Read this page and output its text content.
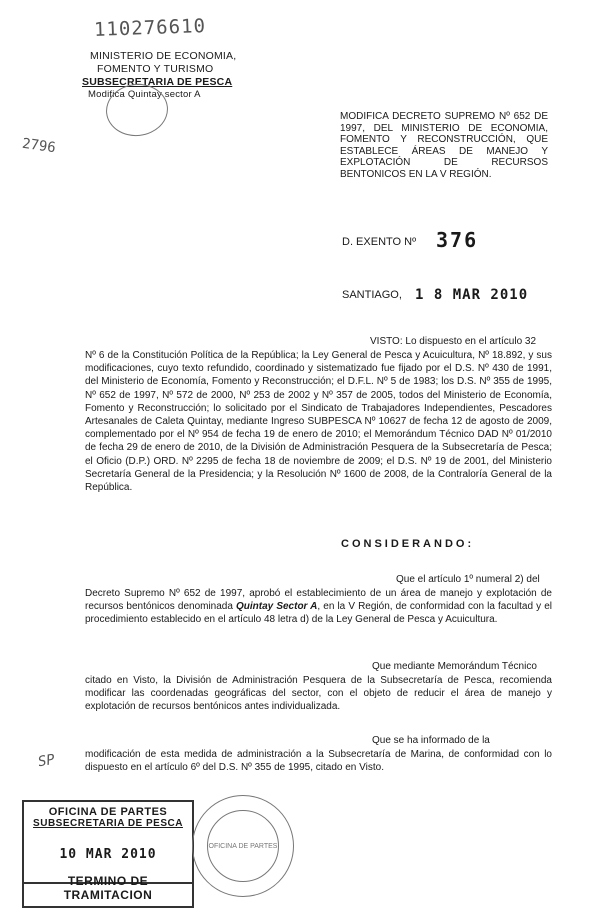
110276610
2796
SP
MINISTERIO DE ECONOMIA,
FOMENTO Y TURISMO
SUBSECRETARIA DE PESCA
Modifica Quintay sector A

MODIFICA DECRETO SUPREMO Nº 652 DE 1997, DEL MINISTERIO DE ECONOMIA, FOMENTO Y RECONSTRUCCIÓN, QUE ESTABLECE ÁREAS DE MANEJO Y EXPLOTACIÓN DE RECURSOS BENTONICOS EN LA V REGIÓN.
D. EXENTO Nº 376
SANTIAGO, 1 8 MAR 2010
VISTO: Lo dispuesto en el artículo 32
Nº 6 de la Constitución Política de la República; la Ley General de Pesca y Acuicultura, Nº 18.892, y sus modificaciones, cuyo texto refundido, coordinado y sistematizado fue fijado por el D.S. Nº 430 de 1991, del Ministerio de Economía, Fomento y Reconstrucción; el D.F.L. Nº 5 de 1983; los D.S. Nº 355 de 1995, Nº 652 de 1997, Nº 572 de 2000, Nº 253 de 2002 y Nº 357 de 2005, todos del Ministerio de Economía, Fomento y Reconstrucción; lo solicitado por el Sindicato de Trabajadores Independientes, Pescadores Artesanales de Caleta Quintay, mediante Ingreso SUBPESCA Nº 10627 de fecha 12 de agosto de 2009, complementado por el Nº 954 de fecha 19 de enero de 2010; el Memorándum Técnico DAD Nº 01/2010 de fecha 29 de enero de 2010, de la División de Administración Pesquera de la Subsecretaría de Pesca; el Oficio (D.P.) ORD. Nº 2295 de fecha 18 de noviembre de 2009; el D.S. Nº 19 de 2001, del Ministerio Secretaría General de la Presidencia; y la Resolución Nº 1600 de 2008, de la Contraloría General de la República.
CONSIDERANDO:
Que el artículo 1º numeral 2) del
Decreto Supremo Nº 652 de 1997, aprobó el establecimiento de un área de manejo y explotación de recursos bentónicos denominada Quintay Sector A, en la V Región, de conformidad con la facultad y el procedimiento establecido en el artículo 48 letra d) de la Ley General de Pesca y Acuicultura.
Que mediante Memorándum Técnico
citado en Visto, la División de Administración Pesquera de la Subsecretaría de Pesca, recomienda modificar las coordenadas geográficas del sector, con el objeto de reducir el área de manejo y explotación de recursos bentónicos antes individualizada.
Que se ha informado de la
modificación de esta medida de administración a la Subsecretaría de Marina, de conformidad con lo dispuesto en el artículo 6º del D.S. Nº 355 de 1995, citado en Visto.
OFICINA DE PARTES
SUBSECRETARIA DE PESCA
10 MAR 2010
TERMINO DE TRAMITACION
OFICINA DE PARTES
